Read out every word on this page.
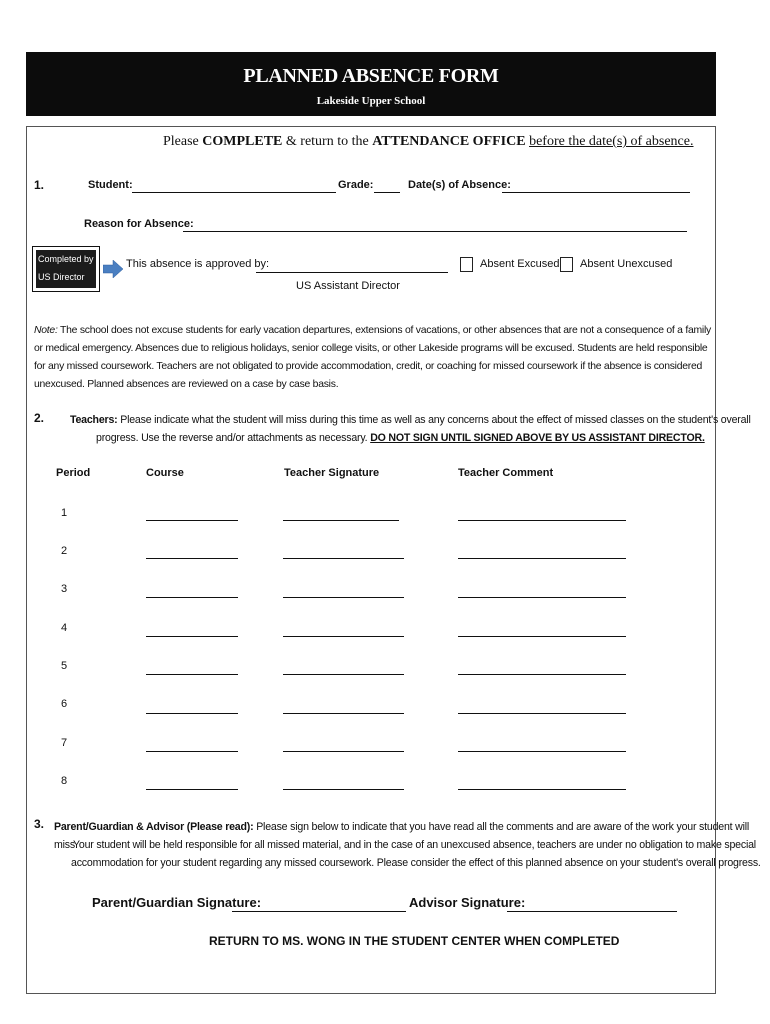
PLANNED ABSENCE FORM
Lakeside Upper School
Please COMPLETE & return to the ATTENDANCE OFFICE before the date(s) of absence.
1.	Student:	Grade:	Date(s) of Absence:
Reason for Absence:
Completed by
US Director
This absence is approved by:
US Assistant Director
Absent Excused Absent Unexcused
Note: The school does not excuse students for early vacation departures, extensions of vacations, or other absences that are not a consequence of a family or medical emergency. Absences due to religious holidays, senior college visits, or other Lakeside programs will be excused. Students are held responsible for any missed coursework. Teachers are not obligated to provide accommodation, credit, or coaching for missed coursework if the absence is considered unexcused. Planned absences are reviewed on a case by case basis.
2. Teachers: Please indicate what the student will miss during this time as well as any concerns about the effect of missed classes on the student's overall
progress. Use the reverse and/or attachments as necessary. DO NOT SIGN UNTIL SIGNED ABOVE BY US ASSISTANT DIRECTOR.
Period	Course	Teacher Signature	Teacher Comment
1
2
3
4
5
6
7
8
3. Parent/Guardian & Advisor (Please read): Please sign below to indicate that you have read all the comments and are aware of the work your student will miss.
Your student will be held responsible for all missed material, and in the case of an unexcused absence, teachers are under no obligation to make special
accommodation for your student regarding any missed coursework. Please consider the effect of this planned absence on your student's overall progress.
Parent/Guardian Signature:	Advisor Signature:
RETURN TO MS. WONG IN THE STUDENT CENTER WHEN COMPLETED
